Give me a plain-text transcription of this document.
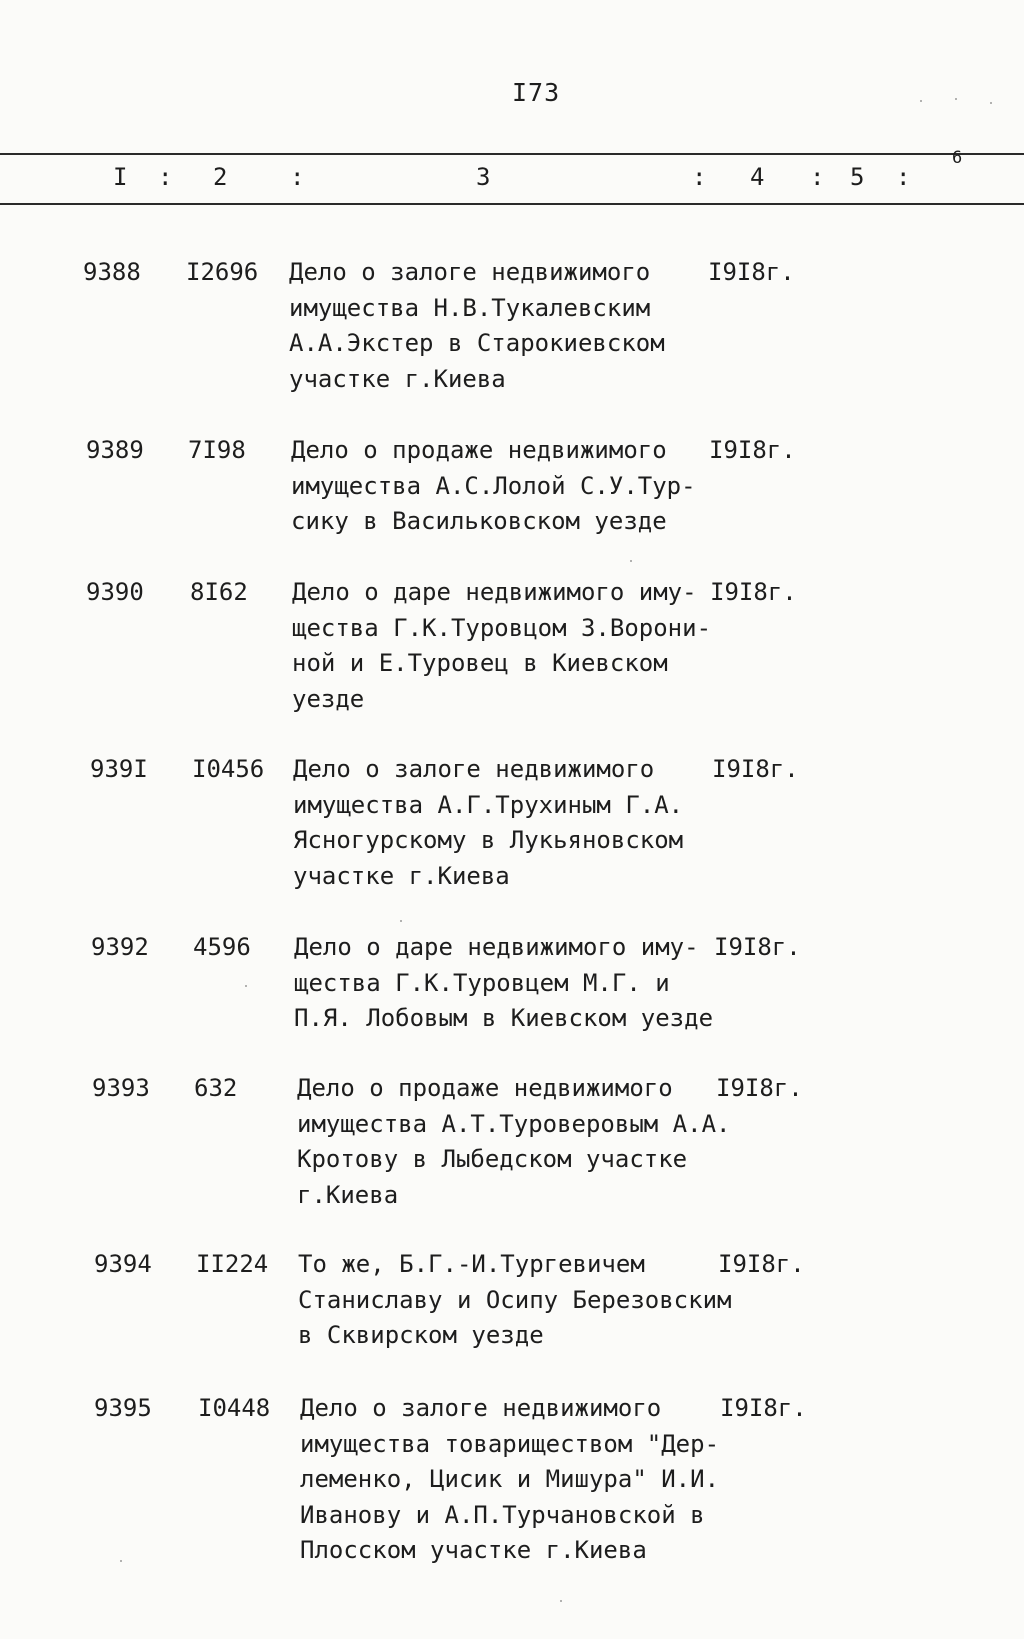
I73
I : 2	:	3	: 4 : 5 :
6
9388 I2696 Дело о залоге недвижимого
имущества Н.В.Тукалевским
А.А.Экстер в Старокиевском
участке г.Киева
I9I8г.
9389 7I98 Дело о продаже недвижимого
имущества А.С.Лолой С.У.Тур-
сику в Васильковском уезде
I9I8г.
9390 8I62 Дело о даре недвижимого иму-
щества Г.К.Туровцом З.Ворони-
ной и Е.Туровец в Киевском
уезде
I9I8г.
939I I0456 Дело о залоге недвижимого
имущества А.Г.Трухиным Г.А.
Ясногурскому в Лукьяновском
участке г.Киева
I9I8г.
9392 4596 Дело о даре недвижимого иму-
щества Г.К.Туровцем М.Г. и
П.Я. Лобовым в Киевском уезде
I9I8г.
9393 632 Дело о продаже недвижимого
имущества А.Т.Туроверовым А.А.
Кротову в Лыбедском участке
г.Киева
I9I8г.
9394 II224 То же, Б.Г.-И.Тургевичем
Станиславу и Осипу Березовским
в Сквирском уезде
I9I8г.
9395 I0448 Дело о залоге недвижимого
имущества товариществом "Дер-
леменко, Цисик и Мишура" И.И.
Иванову и А.П.Турчановской в
Плосском участке г.Киева
I9I8г.
